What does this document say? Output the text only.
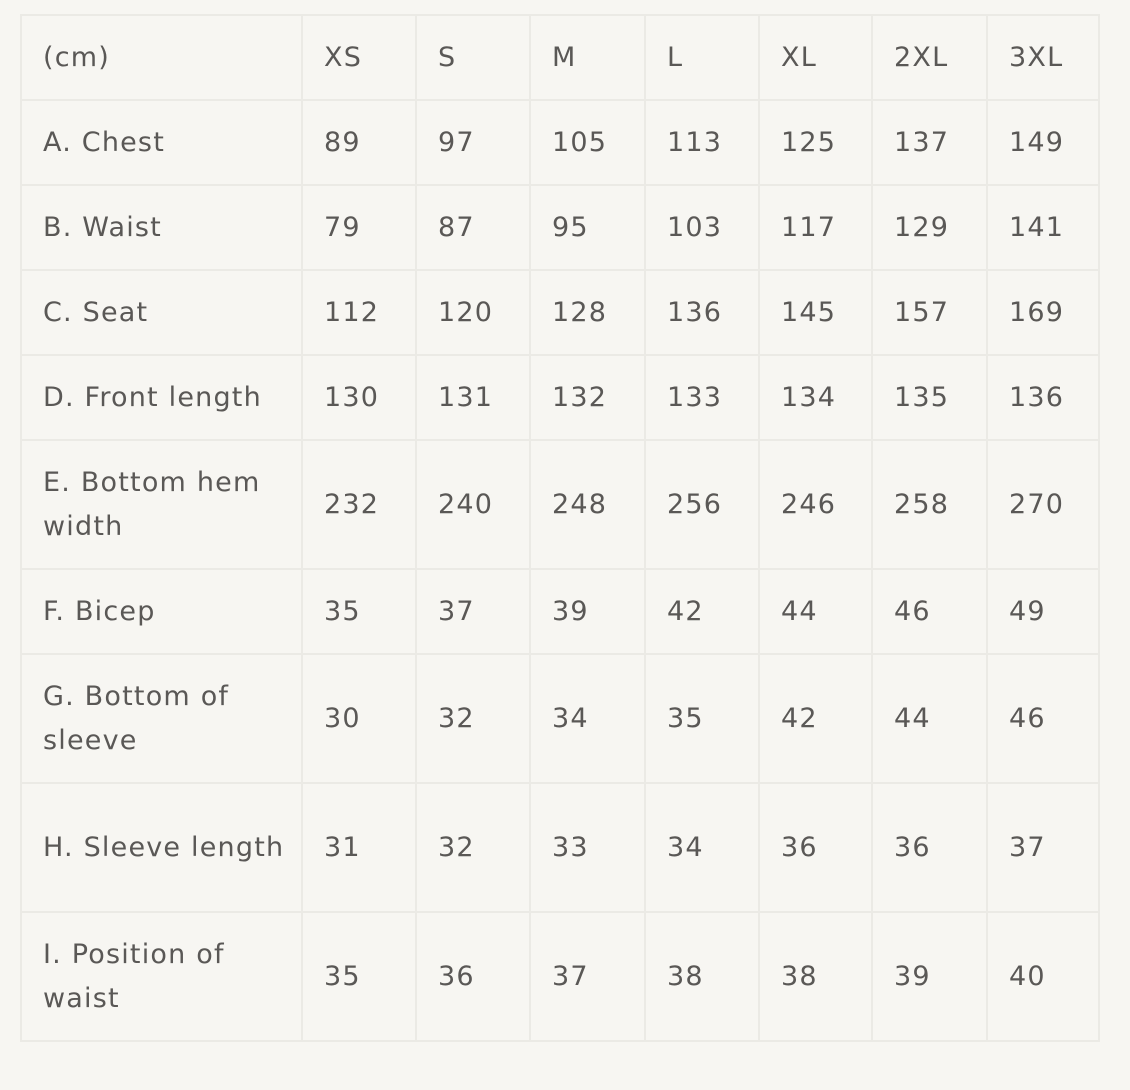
(cm)	XS	S	M	L	XL	2XL	3XL
A. Chest	89	97	105	113	125	137	149
B. Waist	79	87	95	103	117	129	141
C. Seat	112	120	128	136	145	157	169
D. Front length	130	131	132	133	134	135	136
E. Bottom hem width	232	240	248	256	246	258	270
F. Bicep	35	37	39	42	44	46	49
G. Bottom of sleeve	30	32	34	35	42	44	46
H. Sleeve length	31	32	33	34	36	36	37
I. Position of waist	35	36	37	38	38	39	40
